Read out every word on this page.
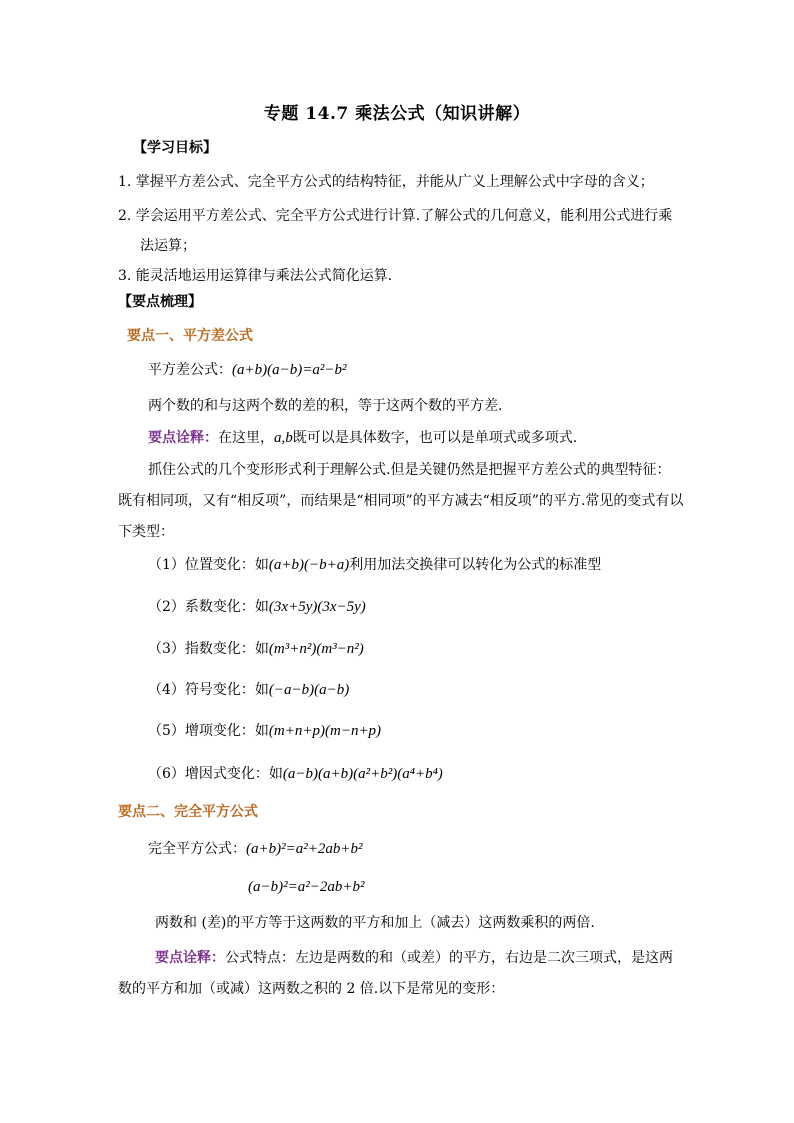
专题 14.7 乘法公式（知识讲解）
【学习目标】
1. 掌握平方差公式、完全平方公式的结构特征，并能从广义上理解公式中字母的含义；
2. 学会运用平方差公式、完全平方公式进行计算.了解公式的几何意义，能利用公式进行乘
法运算；
3. 能灵活地运用运算律与乘法公式简化运算.
【要点梳理】
要点一、平方差公式
平方差公式：(a+b)(a−b)=a²−b²
两个数的和与这两个数的差的积，等于这两个数的平方差.
要点诠释：在这里，a,b既可以是具体数字，也可以是单项式或多项式.
抓住公式的几个变形形式利于理解公式.但是关键仍然是把握平方差公式的典型特征：
既有相同项，又有“相反项”，而结果是“相同项”的平方减去“相反项”的平方.常见的变式有以
下类型：
（1）位置变化：如(a+b)(−b+a)利用加法交换律可以转化为公式的标准型
（2）系数变化：如(3x+5y)(3x−5y)
（3）指数变化：如(m³+n²)(m³−n²)
（4）符号变化：如(−a−b)(a−b)
（5）增项变化：如(m+n+p)(m−n+p)
（6）增因式变化：如(a−b)(a+b)(a²+b²)(a⁴+b⁴)
要点二、完全平方公式
完全平方公式：(a+b)²=a²+2ab+b²
(a−b)²=a²−2ab+b²
两数和 (差)的平方等于这两数的平方和加上（减去）这两数乘积的两倍.
要点诠释：公式特点：左边是两数的和（或差）的平方，右边是二次三项式，是这两
数的平方和加（或减）这两数之积的 2 倍.以下是常见的变形：
